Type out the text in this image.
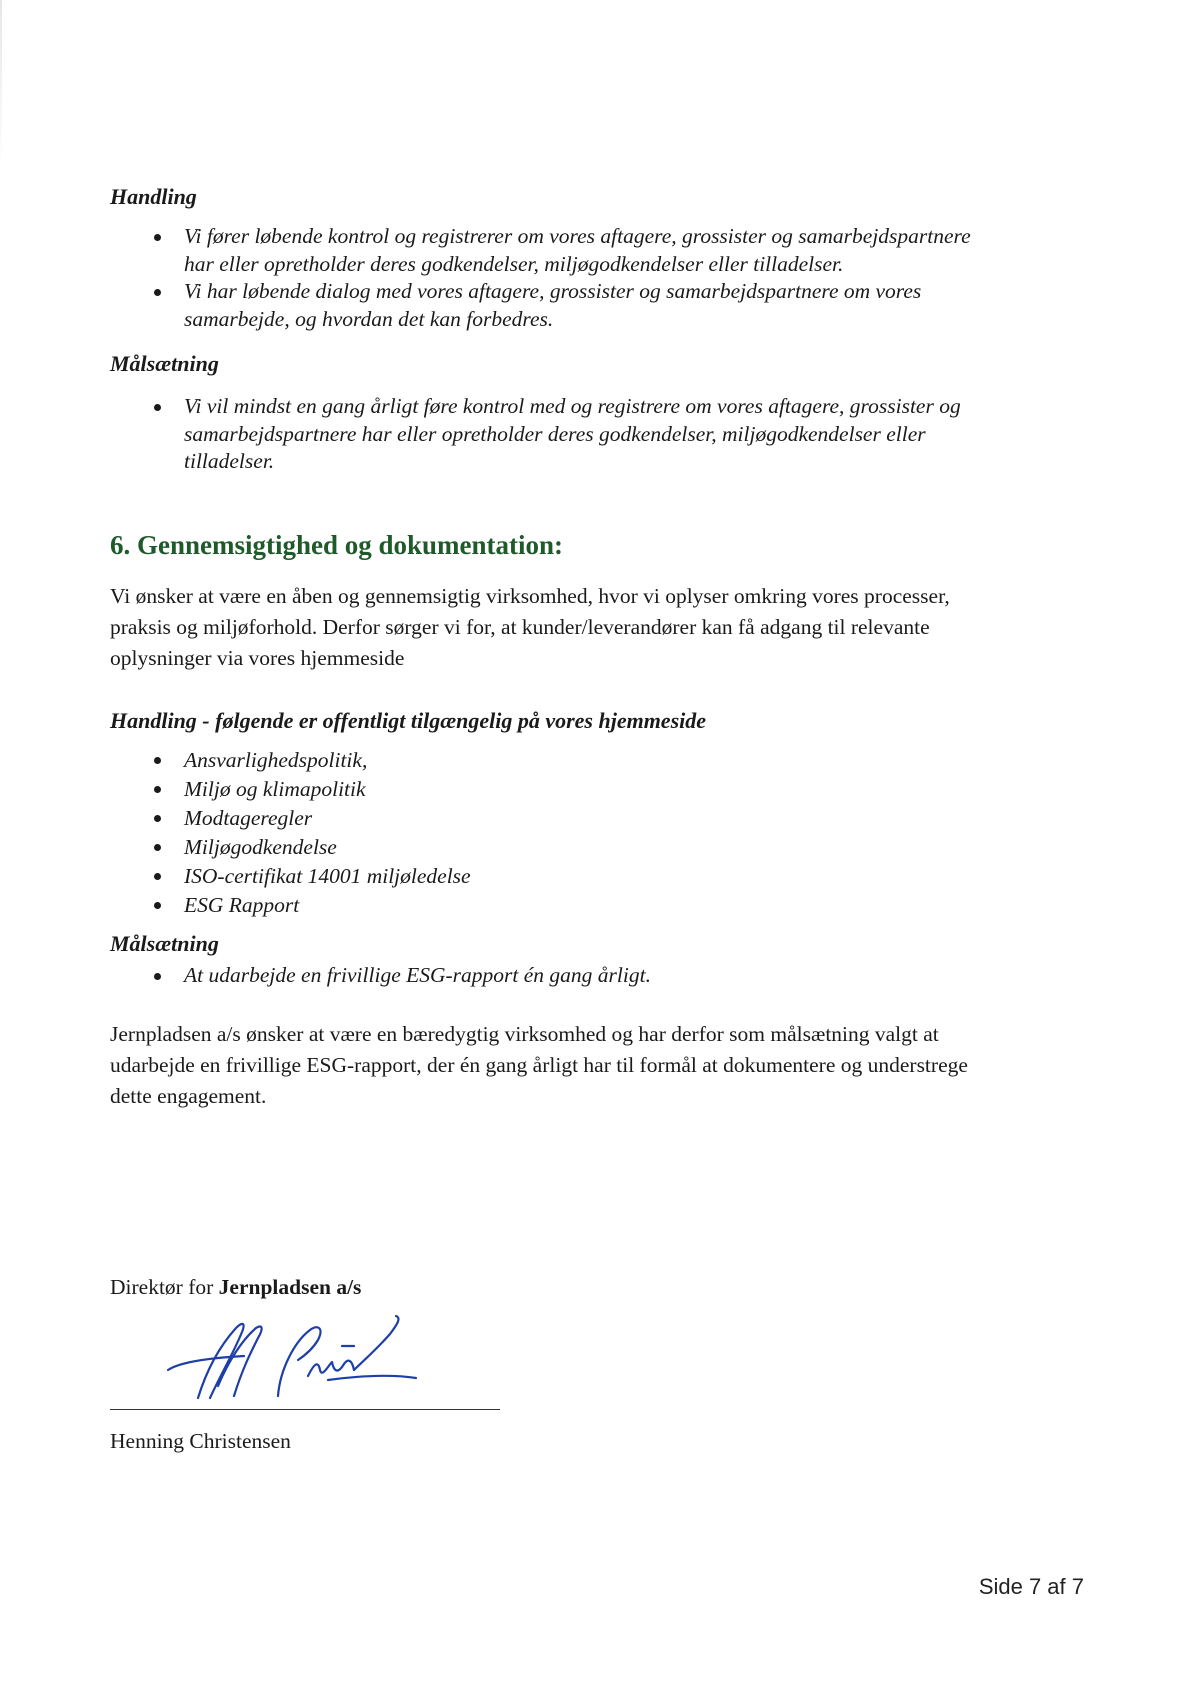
Handling

Vi fører løbende kontrol og registrerer om vores aftagere, grossister og samarbejdspartnere
har eller opretholder deres godkendelser, miljøgodkendelser eller tilladelser.
Vi har løbende dialog med vores aftagere, grossister og samarbejdspartnere om vores
samarbejde, og hvordan det kan forbedres.

Målsætning

Vi vil mindst en gang årligt føre kontrol med og registrere om vores aftagere, grossister og
samarbejdspartnere har eller opretholder deres godkendelser, miljøgodkendelser eller
tilladelser.
6. Gennemsigtighed og dokumentation:

Vi ønsker at være en åben og gennemsigtig virksomhed, hvor vi oplyser omkring vores processer,
praksis og miljøforhold. Derfor sørger vi for, at kunder/leverandører kan få adgang til relevante
oplysninger via vores hjemmeside

Handling - følgende er offentligt tilgængelig på vores hjemmeside

Ansvarlighedspolitik,
Miljø og klimapolitik
Modtageregler
Miljøgodkendelse
ISO-certifikat 14001 miljøledelse
ESG Rapport

Målsætning

At udarbejde en frivillige ESG-rapport én gang årligt.

Jernpladsen a/s ønsker at være en bæredygtig virksomhed og har derfor som målsætning valgt at
udarbejde en frivillige ESG-rapport, der én gang årligt har til formål at dokumentere og understrege
dette engagement.

Direktør for Jernpladsen a/s
Henning Christensen
Side 7 af 7
